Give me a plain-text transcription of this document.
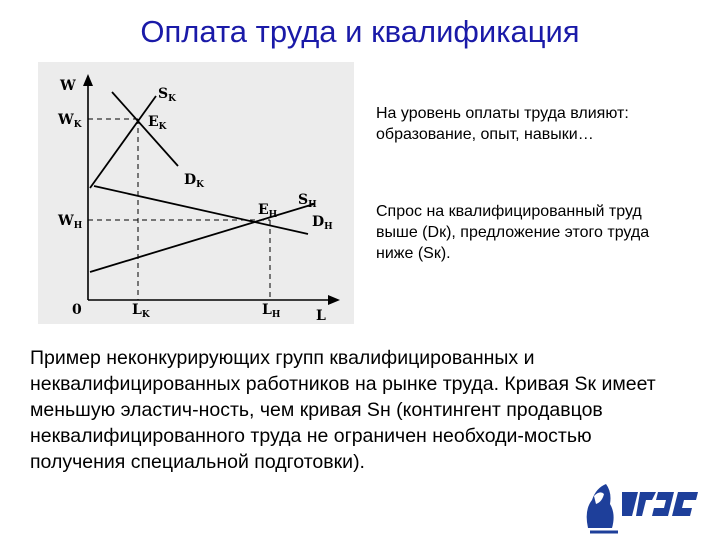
Оплата труда и квалификация
W
L
0
$W_K$
$W_H$
$L_K$	$L_H$
$S_K$
$E_K$
$D_K$
$S_H$
$E_H$ $D_H$
На уровень оплаты труда влияют: образование, опыт, навыки…
Спрос на квалифицированный труд выше (Dк), предложение этого труда ниже (Sк).
Пример неконкурирующих групп квалифицированных и неквалифицированных работников на рынке труда. Кривая Sк имеет меньшую эластич-ность, чем кривая Sн (контингент продавцов неквалифицированного труда не ограничен необходи-мостью получения специальной подготовки).
